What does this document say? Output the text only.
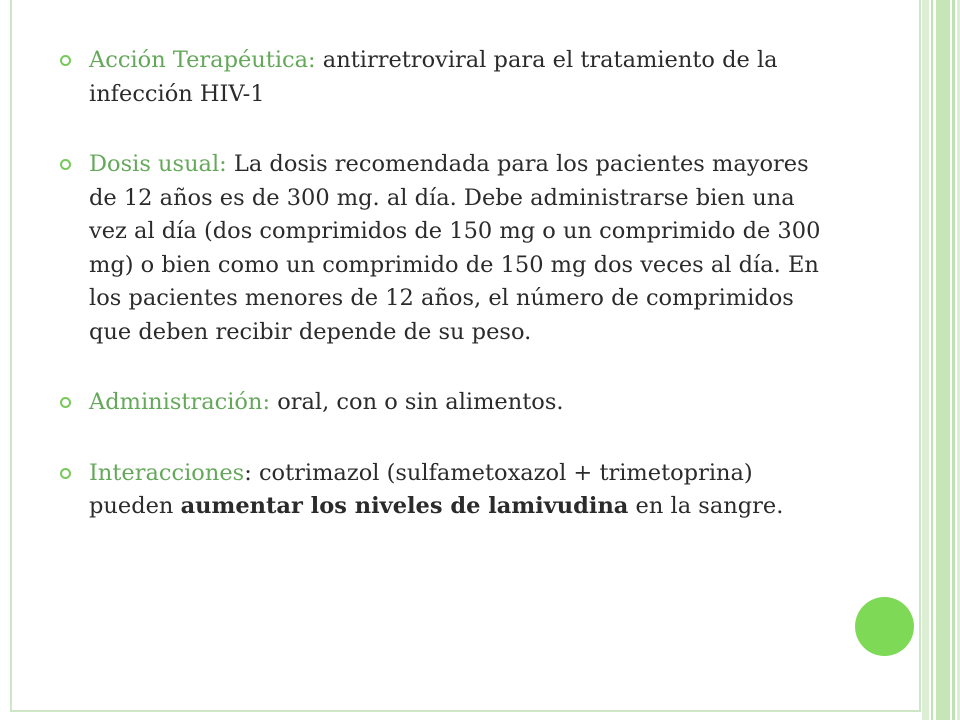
Acción Terapéutica: antirretroviral para el tratamiento de la infección HIV-1
Dosis usual: La dosis recomendada para los pacientes mayores de 12 años es de 300 mg. al día. Debe administrarse bien una vez al día (dos comprimidos de 150 mg o un comprimido de 300 mg) o bien como un comprimido de 150 mg dos veces al día. En los pacientes menores de 12 años, el número de comprimidos que deben recibir depende de su peso.
Administración: oral, con o sin alimentos.
Interacciones: cotrimazol (sulfametoxazol + trimetoprina) pueden aumentar los niveles de lamivudina en la sangre.
